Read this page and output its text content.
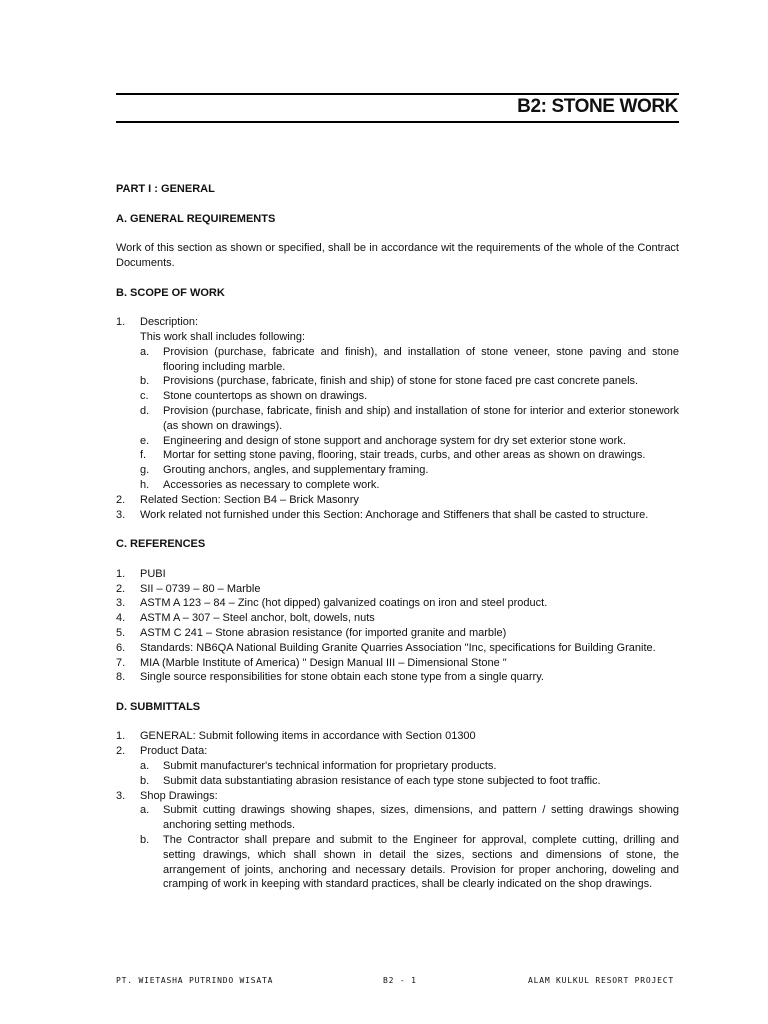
B2: STONE WORK

PART I : GENERAL

A. GENERAL REQUIREMENTS

Work of this section as shown or specified, shall be in accordance wit the requirements of the whole of the Contract Documents.

B. SCOPE OF WORK

1. Description:
This work shall includes following:
a. Provision (purchase, fabricate and finish), and installation of stone veneer, stone paving and stone flooring including marble.
b. Provisions (purchase, fabricate, finish and ship) of stone for stone faced pre cast concrete panels.
c. Stone countertops as shown on drawings.
d. Provision (purchase, fabricate, finish and ship) and installation of stone for interior and exterior stonework (as shown on drawings).
e. Engineering and design of stone support and anchorage system for dry set exterior stone work.
f. Mortar for setting stone paving, flooring, stair treads, curbs, and other areas as shown on drawings.
g. Grouting anchors, angles, and supplementary framing.
h. Accessories as necessary to complete work.
2. Related Section: Section B4 – Brick Masonry
3. Work related not furnished under this Section: Anchorage and Stiffeners that shall be casted to structure.

C. REFERENCES

1. PUBI
2. SII – 0739 – 80 – Marble
3. ASTM A 123 – 84 – Zinc (hot dipped) galvanized coatings on iron and steel product.
4. ASTM A – 307 – Steel anchor, bolt, dowels, nuts
5. ASTM C 241 – Stone abrasion resistance (for imported granite and marble)
6. Standards: NB6QA National Building Granite Quarries Association "Inc, specifications for Building Granite.
7. MIA (Marble Institute of America) " Design Manual III – Dimensional Stone "
8. Single source responsibilities for stone obtain each stone type from a single quarry.

D. SUBMITTALS

1. GENERAL: Submit following items in accordance with Section 01300
2. Product Data:
a. Submit manufacturer's technical information for proprietary products.
b. Submit data substantiating abrasion resistance of each type stone subjected to foot traffic.
3. Shop Drawings:
a. Submit cutting drawings showing shapes, sizes, dimensions, and pattern / setting drawings showing anchoring setting methods.
b. The Contractor shall prepare and submit to the Engineer for approval, complete cutting, drilling and setting drawings, which shall shown in detail the sizes, sections and dimensions of stone, the arrangement of joints, anchoring and necessary details. Provision for proper anchoring, doweling and cramping of work in keeping with standard practices, shall be clearly indicated on the shop drawings.
PT. WIETASHA PUTRINDO WISATA	B2 - 1	ALAM KULKUL RESORT PROJECT
